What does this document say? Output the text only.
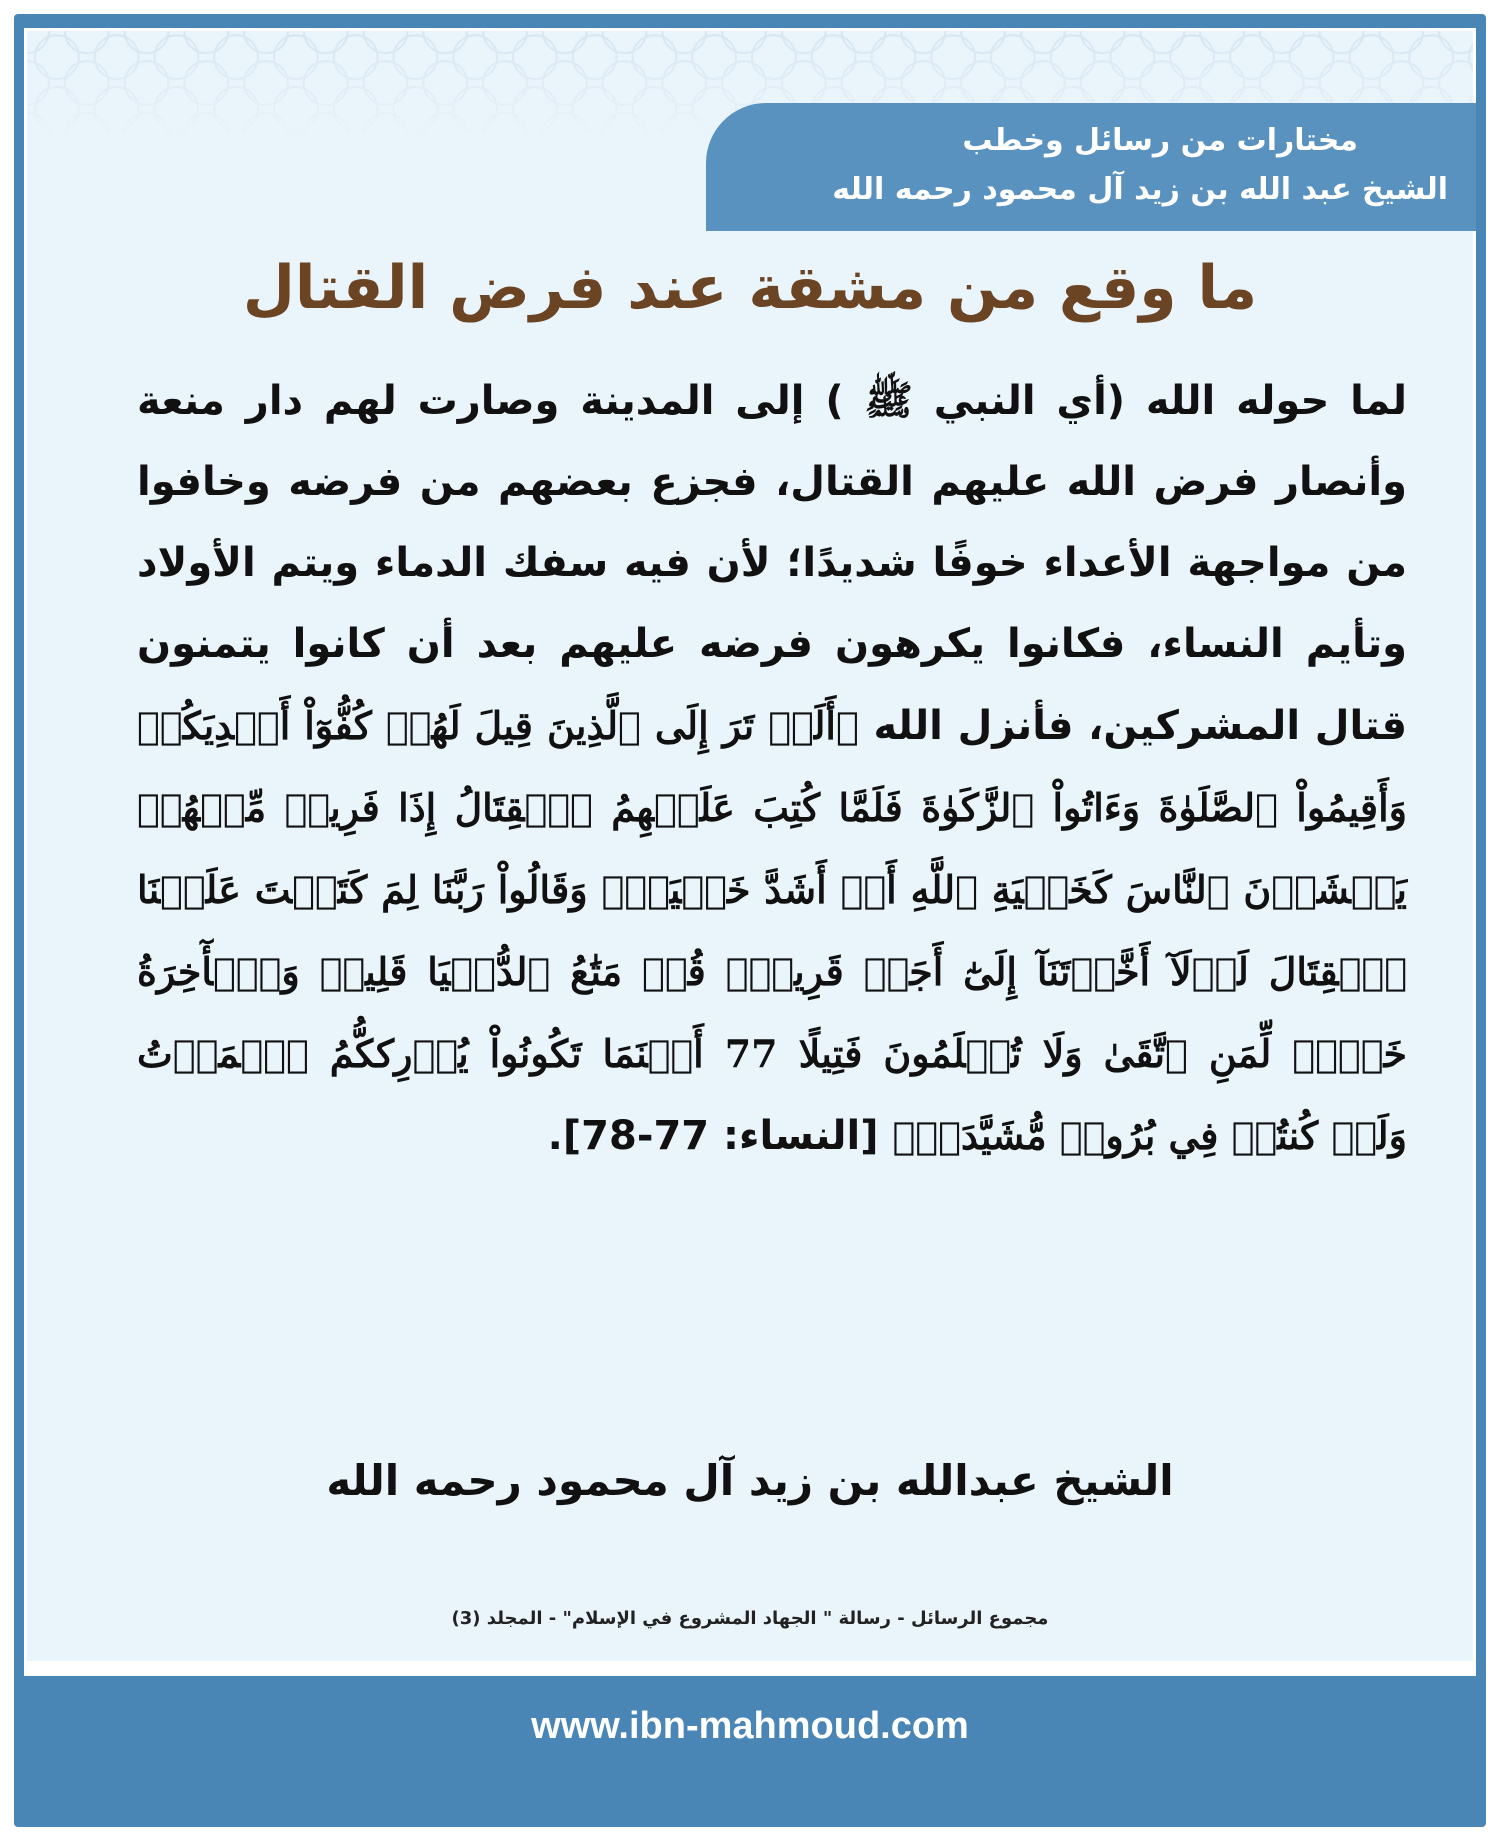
مختارات من رسائل وخطب
الشيخ عبد الله بن زيد آل محمود رحمه الله
ما وقع من مشقة عند فرض القتال

لما حوله الله (أي النبي ﷺ ) إلى المدينة وصارت لهم دار منعة وأنصار فرض الله عليهم القتال، فجزع بعضهم من فرضه وخافوا من مواجهة الأعداء خوفًا شديدًا؛ لأن فيه سفك الدماء ويتم الأولاد وتأيم النساء، فكانوا يكرهون فرضه عليهم بعد أن كانوا يتمنون قتال المشركين، فأنزل الله ﴿أَلَمۡ تَرَ إِلَى ٱلَّذِينَ قِيلَ لَهُمۡ كُفُّوٓاْ أَيۡدِيَكُمۡ وَأَقِيمُواْ ٱلصَّلَوٰةَ وَءَاتُواْ ٱلزَّكَوٰةَ فَلَمَّا كُتِبَ عَلَيۡهِمُ ٱلۡقِتَالُ إِذَا فَرِيقٞ مِّنۡهُمۡ يَخۡشَوۡنَ ٱلنَّاسَ كَخَشۡيَةِ ٱللَّهِ أَوۡ أَشَدَّ خَشۡيَةٗۚ وَقَالُواْ رَبَّنَا لِمَ كَتَبۡتَ عَلَيۡنَا ٱلۡقِتَالَ لَوۡلَآ أَخَّرۡتَنَآ إِلَىٰٓ أَجَلٖ قَرِيبٖۗ قُلۡ مَتَٰعُ ٱلدُّنۡيَا قَلِيلٞ وَٱلۡأٓخِرَةُ خَيۡرٞ لِّمَنِ ٱتَّقَىٰ وَلَا تُظۡلَمُونَ فَتِيلًا 77 أَيۡنَمَا تَكُونُواْ يُدۡرِككُّمُ ٱلۡمَوۡتُ وَلَوۡ كُنتُمۡ فِي بُرُوجٖ مُّشَيَّدَةٖ﴾ [النساء: 77-78].

الشيخ عبدالله بن زيد آل محمود رحمه الله
مجموع الرسائل - رسالة " الجهاد المشروع في الإسلام" - المجلد (3)
www.ibn-mahmoud.com
